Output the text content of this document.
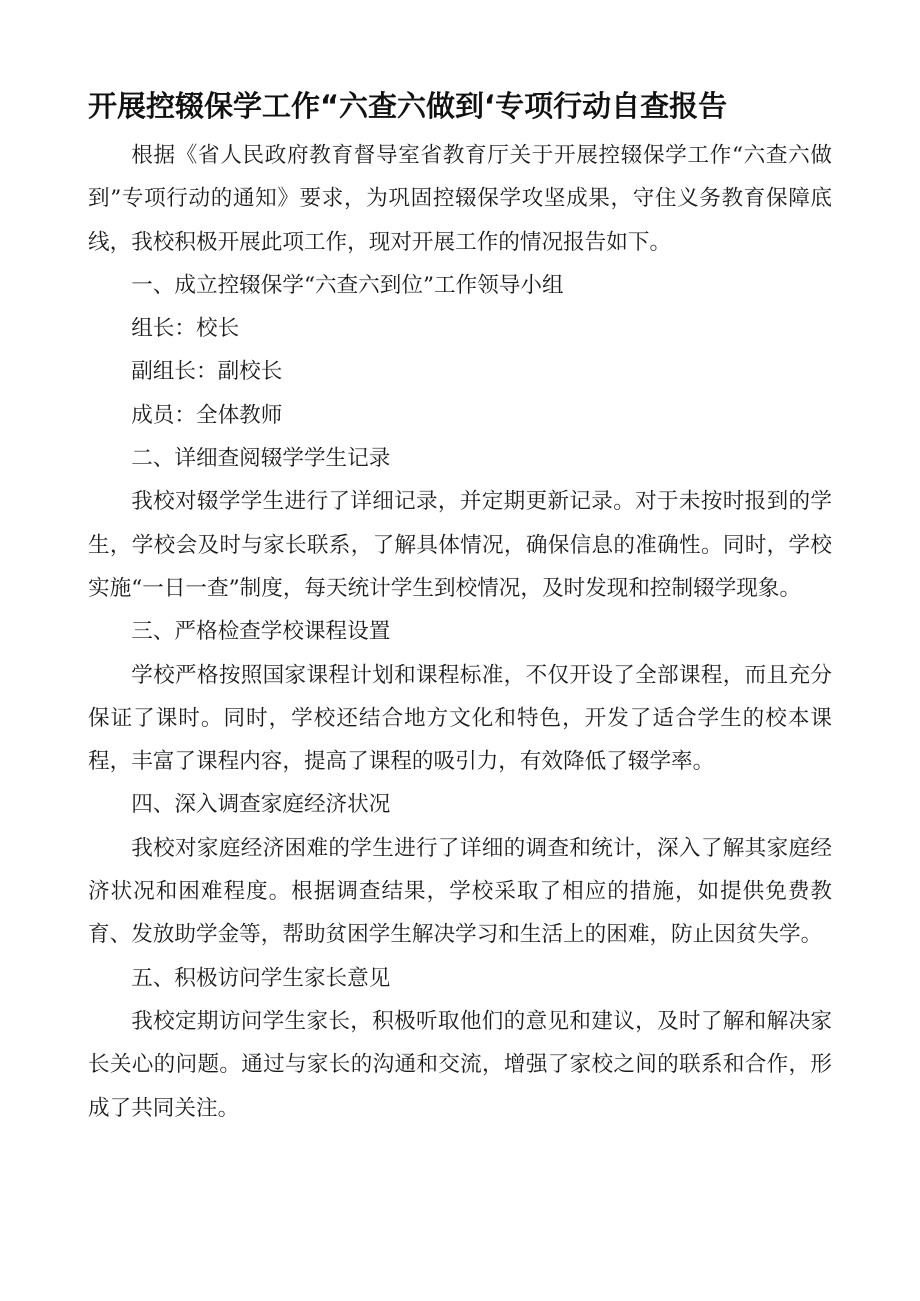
开展控辍保学工作“六查六做到‘专项行动自查报告

根据《省人民政府教育督导室省教育厅关于开展控辍保学工作“六查六做到”专项行动的通知》要求，为巩固控辍保学攻坚成果，守住义务教育保障底线，我校积极开展此项工作，现对开展工作的情况报告如下。

一、成立控辍保学“六查六到位”工作领导小组

组长：校长

副组长：副校长

成员：全体教师

二、详细查阅辍学学生记录

我校对辍学学生进行了详细记录，并定期更新记录。对于未按时报到的学生，学校会及时与家长联系，了解具体情况，确保信息的准确性。同时，学校实施“一日一查”制度，每天统计学生到校情况，及时发现和控制辍学现象。

三、严格检查学校课程设置

学校严格按照国家课程计划和课程标准，不仅开设了全部课程，而且充分保证了课时。同时，学校还结合地方文化和特色，开发了适合学生的校本课程，丰富了课程内容，提高了课程的吸引力，有效降低了辍学率。

四、深入调查家庭经济状况

我校对家庭经济困难的学生进行了详细的调查和统计，深入了解其家庭经济状况和困难程度。根据调查结果，学校采取了相应的措施，如提供免费教育、发放助学金等，帮助贫困学生解决学习和生活上的困难，防止因贫失学。

五、积极访问学生家长意见

我校定期访问学生家长，积极听取他们的意见和建议，及时了解和解决家长关心的问题。通过与家长的沟通和交流，增强了家校之间的联系和合作，形成了共同关注。
